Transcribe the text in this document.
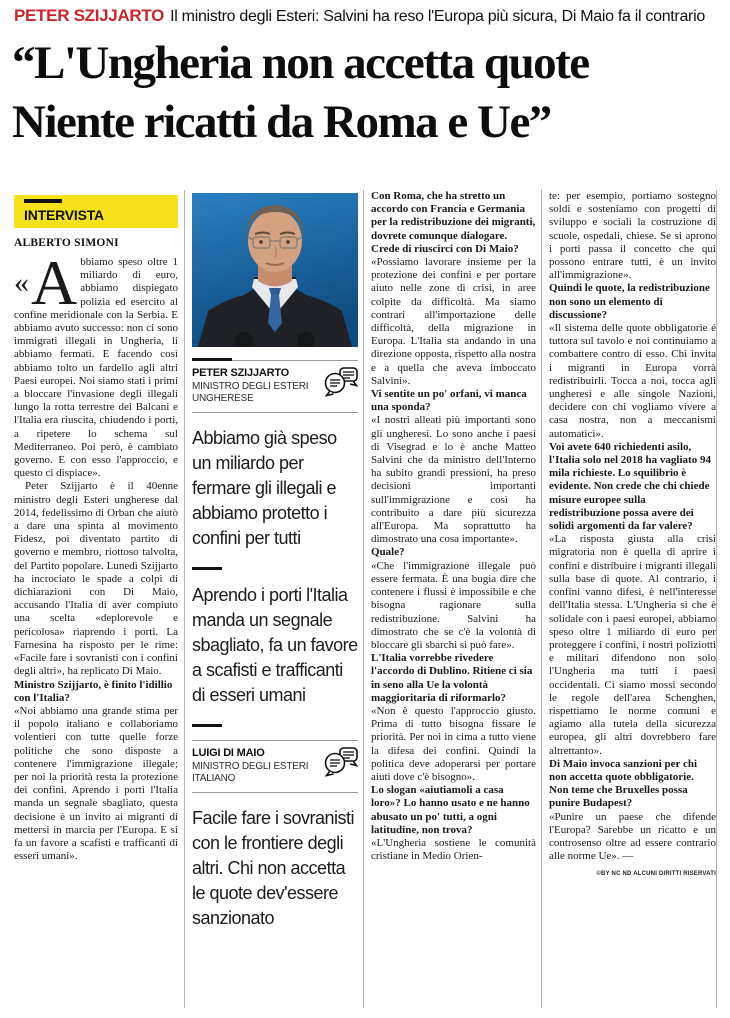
PETER SZIJJARTO Il ministro degli Esteri: Salvini ha reso l'Europa più sicura, Di Maio fa il contrario
“L'Ungheria non accetta quote
Niente ricatti da Roma e Ue”
INTERVISTA
ALBERTO SIMONI

« A bbiamo speso oltre 1 miliardo di euro, abbiamo dispiegato polizia ed esercito al confine meridionale con la Serbia. E abbiamo avuto successo: non ci sono immigrati illegali in Ungheria, li abbiamo fermati. E facendo così abbiamo tolto un fardello agli altri Paesi europei. Noi siamo stati i primi a bloccare l'invasione degli illegali lungo la rotta terrestre dei Balcani e l'Italia era riuscita, chiudendo i porti, a ripetere lo schema sul Mediterraneo. Poi però, è cambiato governo. E con esso l'approccio, e questo ci dispiace».

Peter Szijjarto è il 40enne ministro degli Esteri ungherese dal 2014, fedelissimo di Orban che aiutò a dare una spinta al movimento Fidesz, poi diventato partito di governo e membro, riottoso talvolta, del Partito popolare. Lunedì Szijjarto ha incrociato le spade a colpi di dichiarazioni con Di Maio, accusando l'Italia di aver compiuto una scelta «deplorevole e pericolosa» riaprendo i porti. La Farnesina ha risposto per le rime: «Facile fare i sovranisti con i confini degli altri», ha replicato Di Maio.

Ministro Szijjarto, è finito l'idillio con l'Italia?

«Noi abbiamo una grande stima per il popolo italiano e collaboriamo volentieri con tutte quelle forze politiche che sono disposte a contenere l'immigrazione illegale; per noi la priorità resta la protezione dei confini. Aprendo i porti l'Italia manda un segnale sbagliato, questa decisione è un invito ai migranti di mettersi in marcia per l'Europa. E si fa un favore a scafisti e trafficanti di esseri umani».

PETER SZIJJARTO
MINISTRO DEGLI ESTERI
UNGHERESE
Abbiamo già speso un miliardo per fermare gli illegali e abbiamo protetto i confini per tutti
Aprendo i porti l'Italia manda un segnale sbagliato, fa un favore a scafisti e trafficanti di esseri umani
LUIGI DI MAIO
MINISTRO DEGLI ESTERI
ITALIANO
Facile fare i sovranisti con le frontiere degli altri. Chi non accetta le quote dev'essere sanzionato

Con Roma, che ha stretto un accordo con Francia e Germania per la redistribuzione dei migranti, dovrete comunque dialogare. Crede di riuscirci con Di Maio?

«Possiamo lavorare insieme per la protezione dei confini e per portare aiuto nelle zone di crisi, in aree colpite da difficoltà. Ma siamo contrari all'importazione delle difficoltà, della migrazione in Europa. L'Italia sta andando in una direzione opposta, rispetto alla nostra e a quella che aveva imboccato Salvini».

Vi sentite un po' orfani, vi manca una sponda?

«I nostri alleati più importanti sono gli ungheresi. Lo sono anche i paesi di Visegrad e lo è anche Matteo Salvini che da ministro dell'Interno ha subito grandi pressioni, ha preso decisioni importanti sull'immigrazione e così ha contribuito a dare più sicurezza all'Europa. Ma soprattutto ha dimostrato una cosa importante».

Quale?

«Che l'immigrazione illegale può essere fermata. È una bugia dire che contenere i flussi è impossibile e che bisogna ragionare sulla redistribuzione. Salvini ha dimostrato che se c'è la volontà di bloccare gli sbarchi si può fare».

L'Italia vorrebbe rivedere l'accordo di Dublino. Ritiene ci sia in seno alla Ue la volontà maggioritaria di riformarlo?

«Non è questo l'approccio giusto. Prima di tutto bisogna fissare le priorità. Per noi in cima a tutto viene la difesa dei confini. Quindi la politica deve adoperarsi per portare aiuti dove c'è bisogno».

Lo slogan «aiutiamoli a casa loro»? Lo hanno usato e ne hanno abusato un po' tutti, a ogni latitudine, non trova?

«L'Ungheria sostiene le comunità cristiane in Medio Orien-

te: per esempio, portiamo sostegno soldi e sosteniamo con progetti di sviluppo e sociali la costruzione di scuole, ospedali, chiese. Se si aprono i porti passa il concetto che qui possono entrare tutti, è un invito all'immigrazione».

Quindi le quote, la redistribuzione non sono un elemento di discussione?

«Il sistema delle quote obbligatorie é tuttora sul tavolo e noi continuiamo a combattere contro di esso. Chi invita i migranti in Europa vorrà redistribuirli. Tocca a noi, tocca agli ungheresi e alle singole Nazioni, decidere con chi vogliamo vivere a casa nostra, non a meccanismi automatici».

Voi avete 640 richiedenti asilo, l'Italia solo nel 2018 ha vagliato 94 mila richieste. Lo squilibrio è evidente. Non crede che chi chiede misure europee sulla redistribuzione possa avere dei solidi argomenti da far valere?

«La risposta giusta alla crisi migratoria non è quella di aprire i confini e distribuire i migranti illegali sulla base di quote. Al contrario, i confini vanno difesi, è nell'interesse dell'Italia stessa. L'Ungheria sì che è solidale con i paesi europei, abbiamo speso oltre 1 miliardo di euro per proteggere i confini, i nostri poliziotti e militari difendono non solo l'Ungheria ma tutti i paesi occidentali. Ci siamo mossi secondo le regole dell'area Schenghen, rispettiamo le norme comuni e agiamo alla tutela della sicurezza europea, gli altri dovrebbero fare altrettanto».

Di Maio invoca sanzioni per chi non accetta quote obbligatorie. Non teme che Bruxelles possa punire Budapest?

«Punire un paese che difende l'Europa? Sarebbe un ricatto e un controsenso oltre ad essere contrario alle norme Ue». —

©BY NC ND ALCUNI DIRITTI RISERVATI
